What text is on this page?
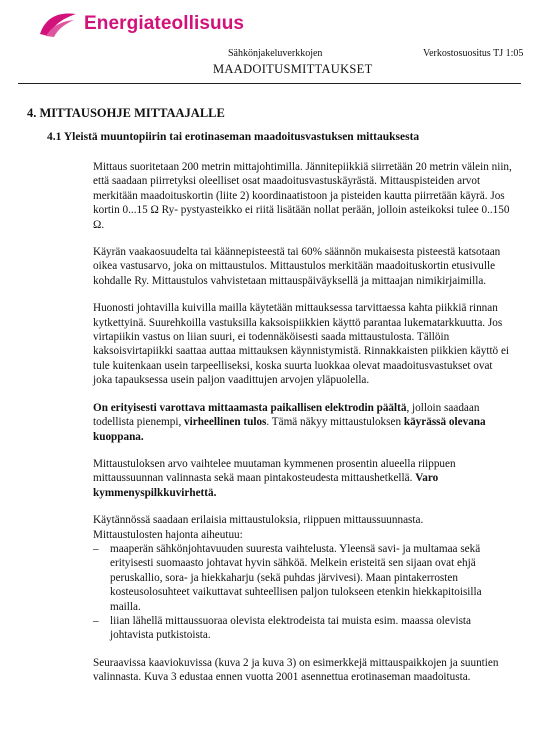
Energiateollisuus
Sähkönjakeluverkkojen
MAADOITUSMITTAUKSET
Verkostosuositus TJ 1:05
4. MITTAUSOHJE MITTAAJALLE
4.1 Yleistä muuntopiirin tai erotinaseman maadoitusvastuksen mittauksesta

Mittaus suoritetaan 200 metrin mittajohtimilla. Jännitepiikkiä siirretään 20 metrin välein niin, että saadaan piirretyksi oleelliset osat maadoitusvastuskäyrästä. Mittauspisteiden arvot merkitään maadoituskortin (liite 2) koordinaatistoon ja pisteiden kautta piirretään käyrä. Jos kortin 0...15 Ω Ry- pystyasteikko ei riitä lisätään nollat perään, jolloin asteikoksi tulee 0..150 Ω.

Käyrän vaakaosuudelta tai käännepisteestä tai 60% säännön mukaisesta pisteestä katsotaan oikea vastusarvo, joka on mittaustulos. Mittaustulos merkitään maadoituskortin etusivulle kohdalle Ry. Mittaustulos vahvistetaan mittauspäiväyksellä ja mittaajan nimikirjaimilla.

Huonosti johtavilla kuivilla mailla käytetään mittauksessa tarvittaessa kahta piikkiä rinnan kytkettyinä. Suurehkoilla vastuksilla kaksoispiikkien käyttö parantaa lukematarkkuutta. Jos virtapiikin vastus on liian suuri, ei todennäköisesti saada mittaustulosta. Tällöin kaksoisvirtapiikki saattaa auttaa mittauksen käynnistymistä. Rinnakkaisten piikkien käyttö ei tule kuitenkaan usein tarpeelliseksi, koska suurta luokkaa olevat maadoitusvastukset ovat joka tapauksessa usein paljon vaadittujen arvojen yläpuolella.

On erityisesti varottava mittaamasta paikallisen elektrodin päältä, jolloin saadaan todellista pienempi, virheellinen tulos. Tämä näkyy mittaustuloksen käyrässä olevana kuoppana.

Mittaustuloksen arvo vaihtelee muutaman kymmenen prosentin alueella riippuen mittaussuunnan valinnasta sekä maan pintakosteudesta mittaushetkellä. Varo kymmenyspilkkuvirhettä.

Käytännössä saadaan erilaisia mittaustuloksia, riippuen mittaussuunnasta.

Mittaustulosten hajonta aiheutuu:

– maaperän sähkönjohtavuuden suuresta vaihtelusta. Yleensä savi- ja multamaa sekä erityisesti suomaasto johtavat hyvin sähköä. Melkein eristeitä sen sijaan ovat ehjä peruskallio, sora- ja hiekkaharju (sekä puhdas järvivesi). Maan pintakerrosten kosteusolosuhteet vaikuttavat suhteellisen paljon tulokseen etenkin hiekkapitoisilla mailla.
– liian lähellä mittaussuoraa olevista elektrodeista tai muista esim. maassa olevista johtavista putkistoista.

Seuraavissa kaaviokuvissa (kuva 2 ja kuva 3) on esimerkkejä mittauspaikkojen ja suuntien valinnasta. Kuva 3 edustaa ennen vuotta 2001 asennettua erotinaseman maadoitusta.
